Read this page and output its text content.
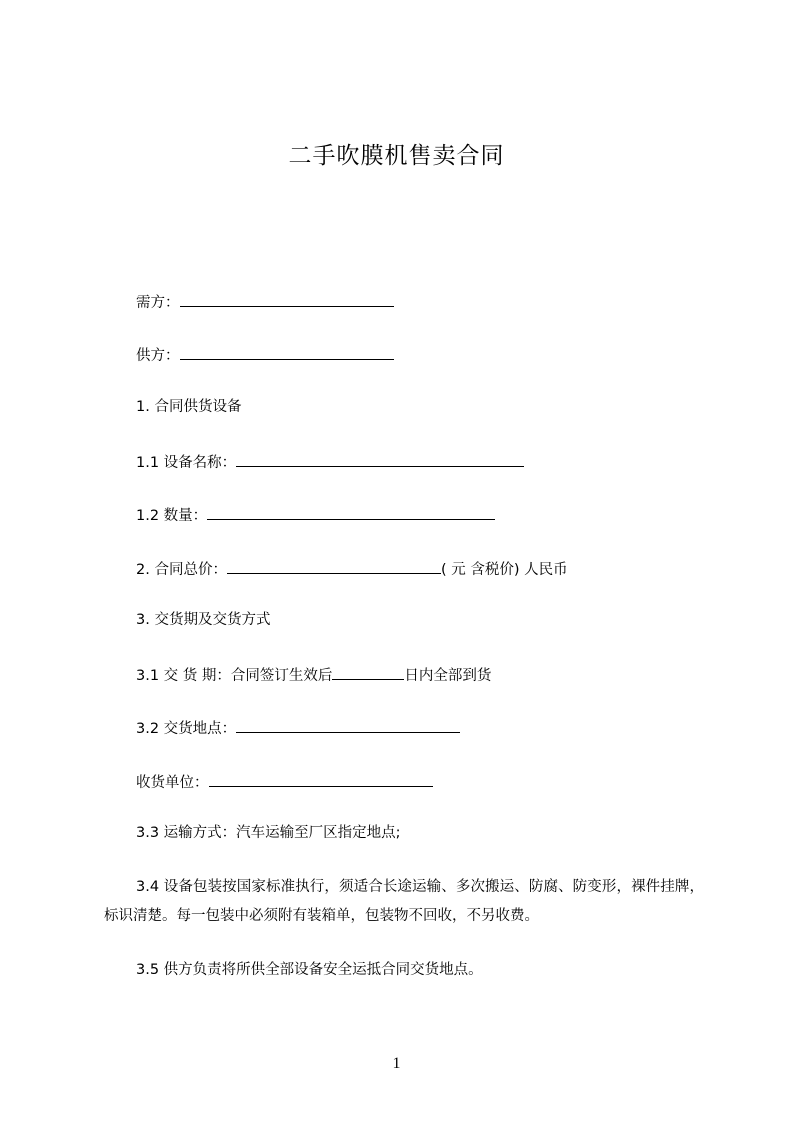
二手吹膜机售卖合同
需方：
供方：
1. 合同供货设备
1.1 设备名称：
1.2 数量：
2. 合同总价：	( 元 含税价) 人民币
3. 交货期及交货方式
3.1 交 货 期：合同签订生效后	日内全部到货
3.2 交货地点：
收货单位：
3.3 运输方式：汽车运输至厂区指定地点;
3.4 设备包装按国家标准执行，须适合长途运输、多次搬运、防腐、防变形，裸件挂牌，标识清楚。每一包装中必须附有装箱单，包装物不回收，不另收费。
3.5 供方负责将所供全部设备安全运抵合同交货地点。
1
